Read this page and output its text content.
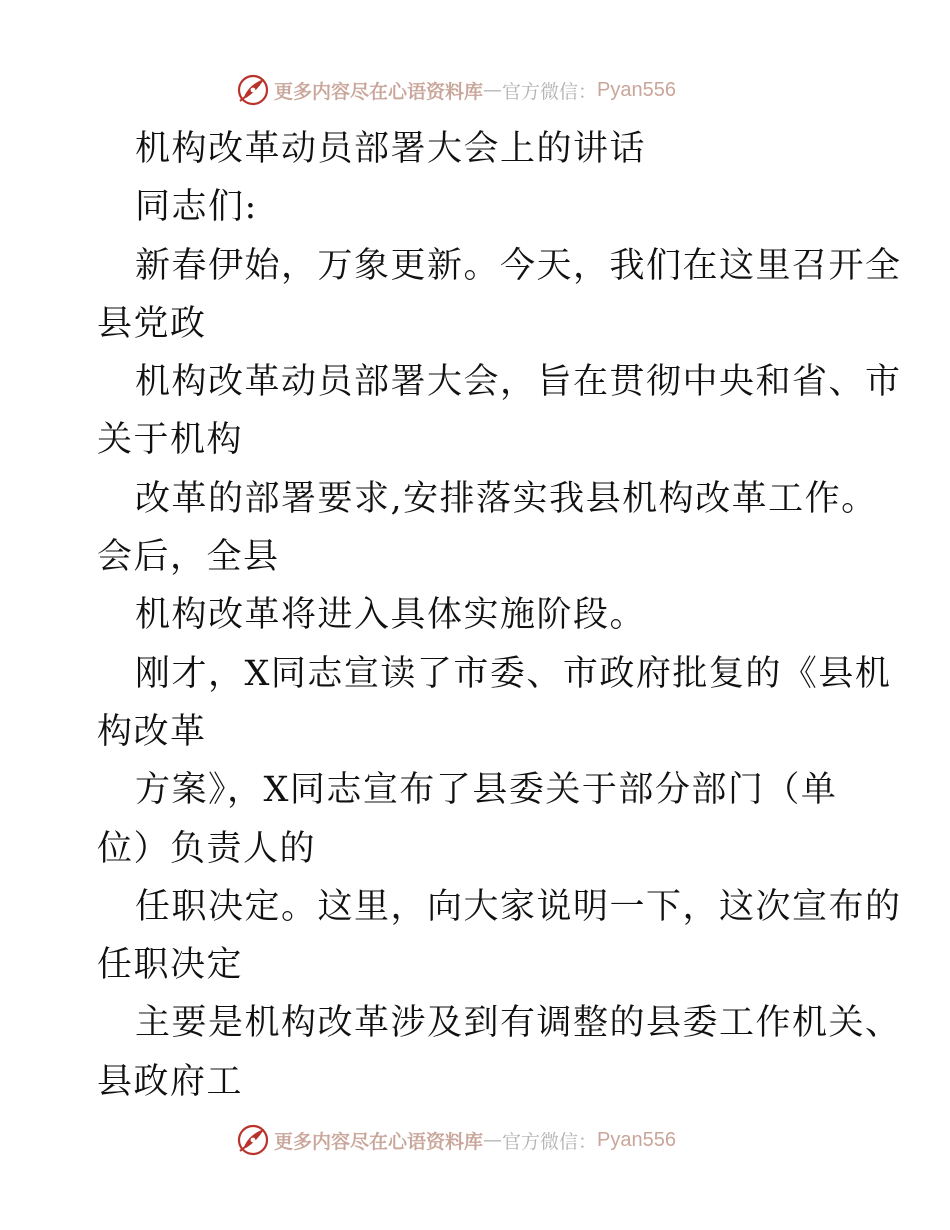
更多内容尽在心语资料库 — 官方微信： Pyan556
机构改革动员部署大会上的讲话
同志们:
新春伊始，万象更新。今天，我们在这里召开全
县党政
机构改革动员部署大会，旨在贯彻中央和省、市
关于机构
改革的部署要求,安排落实我县机构改革工作。
会后，全县
机构改革将进入具体实施阶段。
刚才，X同志宣读了市委、市政府批复的《县机
构改革
方案》，X同志宣布了县委关于部分部门（单
位）负责人的
任职决定。这里，向大家说明一下，这次宣布的
任职决定
主要是机构改革涉及到有调整的县委工作机关、
县政府工
更多内容尽在心语资料库 — 官方微信： Pyan556
